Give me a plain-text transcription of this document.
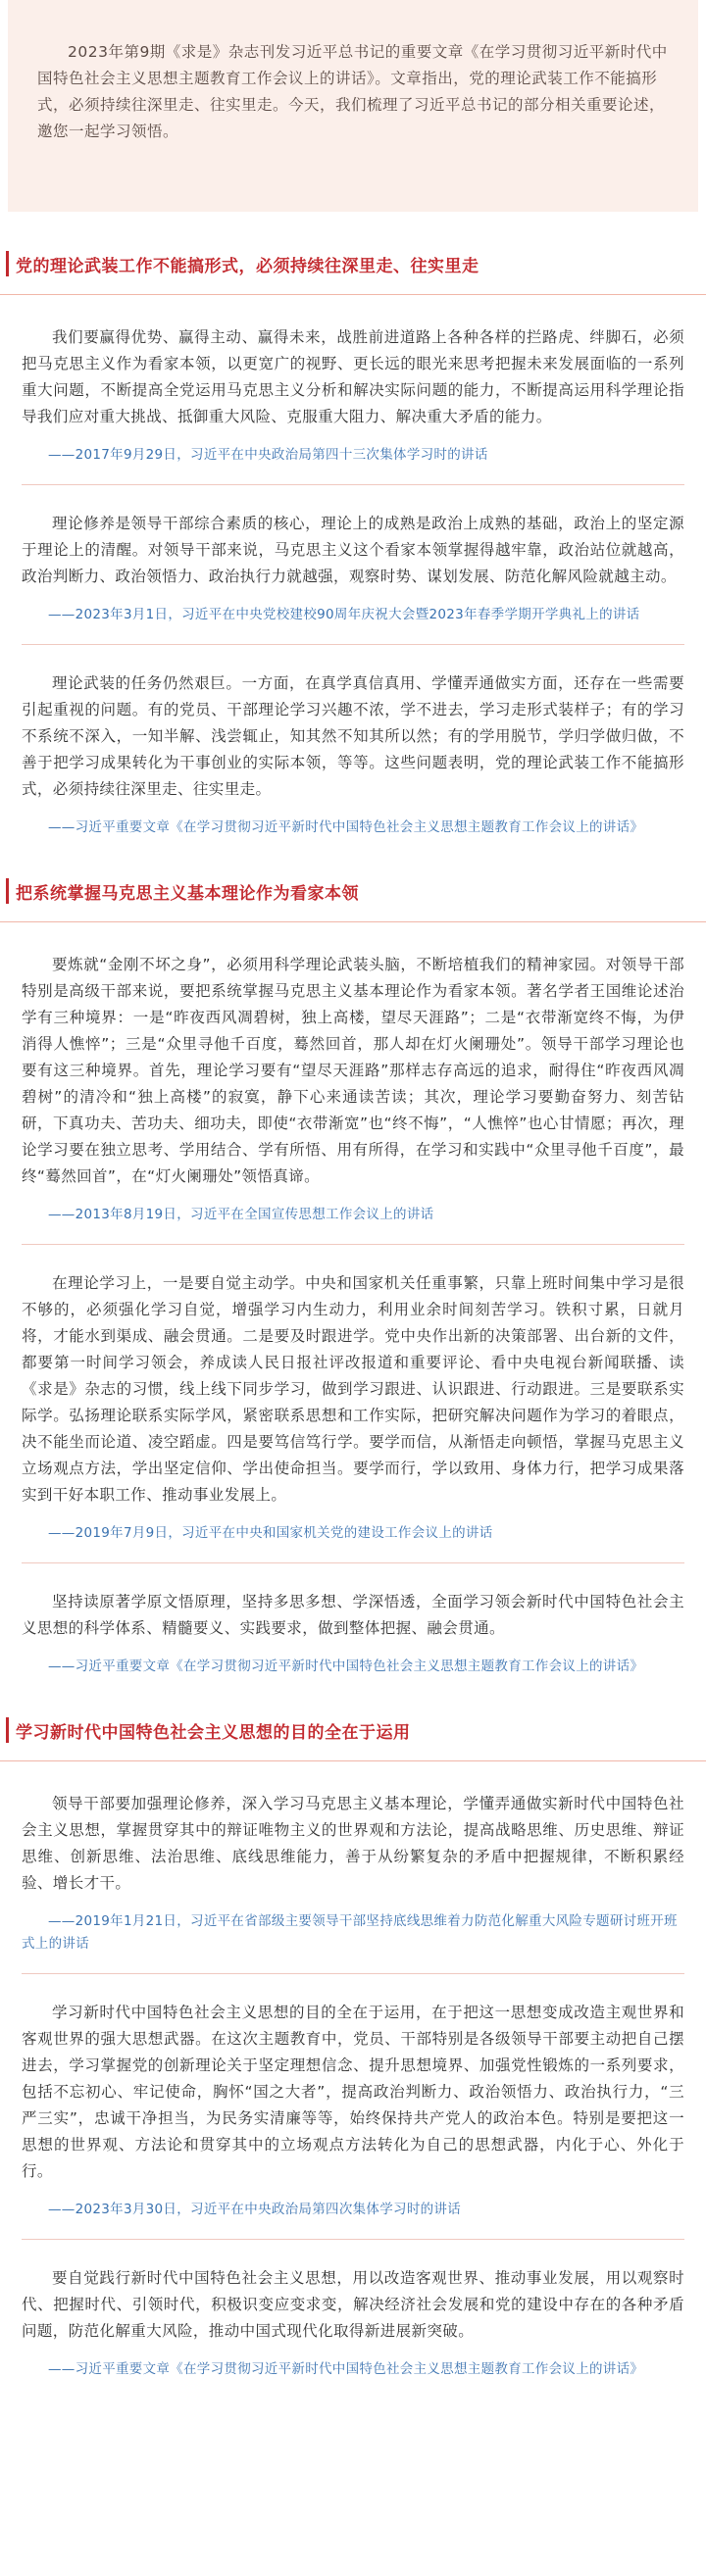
2023年第9期《求是》杂志刊发习近平总书记的重要文章《在学习贯彻习近平新时代中国特色社会主义思想主题教育工作会议上的讲话》。文章指出，党的理论武装工作不能搞形式，必须持续往深里走、往实里走。今天，我们梳理了习近平总书记的部分相关重要论述，邀您一起学习领悟。

党的理论武装工作不能搞形式，必须持续往深里走、往实里走

我们要赢得优势、赢得主动、赢得未来，战胜前进道路上各种各样的拦路虎、绊脚石，必须把马克思主义作为看家本领，以更宽广的视野、更长远的眼光来思考把握未来发展面临的一系列重大问题，不断提高全党运用马克思主义分析和解决实际问题的能力，不断提高运用科学理论指导我们应对重大挑战、抵御重大风险、克服重大阻力、解决重大矛盾的能力。

——2017年9月29日，习近平在中央政治局第四十三次集体学习时的讲话

理论修养是领导干部综合素质的核心，理论上的成熟是政治上成熟的基础，政治上的坚定源于理论上的清醒。对领导干部来说，马克思主义这个看家本领掌握得越牢靠，政治站位就越高，政治判断力、政治领悟力、政治执行力就越强，观察时势、谋划发展、防范化解风险就越主动。

——2023年3月1日，习近平在中央党校建校90周年庆祝大会暨2023年春季学期开学典礼上的讲话

理论武装的任务仍然艰巨。一方面，在真学真信真用、学懂弄通做实方面，还存在一些需要引起重视的问题。有的党员、干部理论学习兴趣不浓，学不进去，学习走形式装样子；有的学习不系统不深入，一知半解、浅尝辄止，知其然不知其所以然；有的学用脱节，学归学做归做，不善于把学习成果转化为干事创业的实际本领，等等。这些问题表明，党的理论武装工作不能搞形式，必须持续往深里走、往实里走。

——习近平重要文章《在学习贯彻习近平新时代中国特色社会主义思想主题教育工作会议上的讲话》

把系统掌握马克思主义基本理论作为看家本领

要炼就“金刚不坏之身”，必须用科学理论武装头脑，不断培植我们的精神家园。对领导干部特别是高级干部来说，要把系统掌握马克思主义基本理论作为看家本领。著名学者王国维论述治学有三种境界：一是“昨夜西风凋碧树，独上高楼，望尽天涯路”；二是“衣带渐宽终不悔，为伊消得人憔悴”；三是“众里寻他千百度，蓦然回首，那人却在灯火阑珊处”。领导干部学习理论也要有这三种境界。首先，理论学习要有“望尽天涯路”那样志存高远的追求，耐得住“昨夜西风凋碧树”的清冷和“独上高楼”的寂寞，静下心来通读苦读；其次，理论学习要勤奋努力、刻苦钻研，下真功夫、苦功夫、细功夫，即使“衣带渐宽”也“终不悔”，“人憔悴”也心甘情愿；再次，理论学习要在独立思考、学用结合、学有所悟、用有所得，在学习和实践中“众里寻他千百度”，最终“蓦然回首”，在“灯火阑珊处”领悟真谛。

——2013年8月19日，习近平在全国宣传思想工作会议上的讲话

在理论学习上，一是要自觉主动学。中央和国家机关任重事繁，只靠上班时间集中学习是很不够的，必须强化学习自觉，增强学习内生动力，利用业余时间刻苦学习。铁积寸累，日就月将，才能水到渠成、融会贯通。二是要及时跟进学。党中央作出新的决策部署、出台新的文件，都要第一时间学习领会，养成读人民日报社评改报道和重要评论、看中央电视台新闻联播、读《求是》杂志的习惯，线上线下同步学习，做到学习跟进、认识跟进、行动跟进。三是要联系实际学。弘扬理论联系实际学风，紧密联系思想和工作实际，把研究解决问题作为学习的着眼点，决不能坐而论道、凌空蹈虚。四是要笃信笃行学。要学而信，从渐悟走向顿悟，掌握马克思主义立场观点方法，学出坚定信仰、学出使命担当。要学而行，学以致用、身体力行，把学习成果落实到干好本职工作、推动事业发展上。

——2019年7月9日，习近平在中央和国家机关党的建设工作会议上的讲话

坚持读原著学原文悟原理，坚持多思多想、学深悟透，全面学习领会新时代中国特色社会主义思想的科学体系、精髓要义、实践要求，做到整体把握、融会贯通。

——习近平重要文章《在学习贯彻习近平新时代中国特色社会主义思想主题教育工作会议上的讲话》

学习新时代中国特色社会主义思想的目的全在于运用

领导干部要加强理论修养，深入学习马克思主义基本理论，学懂弄通做实新时代中国特色社会主义思想，掌握贯穿其中的辩证唯物主义的世界观和方法论，提高战略思维、历史思维、辩证思维、创新思维、法治思维、底线思维能力，善于从纷繁复杂的矛盾中把握规律，不断积累经验、增长才干。

——2019年1月21日，习近平在省部级主要领导干部坚持底线思维着力防范化解重大风险专题研讨班开班式上的讲话

学习新时代中国特色社会主义思想的目的全在于运用，在于把这一思想变成改造主观世界和客观世界的强大思想武器。在这次主题教育中，党员、干部特别是各级领导干部要主动把自己摆进去，学习掌握党的创新理论关于坚定理想信念、提升思想境界、加强党性锻炼的一系列要求，包括不忘初心、牢记使命，胸怀“国之大者”，提高政治判断力、政治领悟力、政治执行力，“三严三实”，忠诚干净担当，为民务实清廉等等，始终保持共产党人的政治本色。特别是要把这一思想的世界观、方法论和贯穿其中的立场观点方法转化为自己的思想武器，内化于心、外化于行。

——2023年3月30日，习近平在中央政治局第四次集体学习时的讲话

要自觉践行新时代中国特色社会主义思想，用以改造客观世界、推动事业发展，用以观察时代、把握时代、引领时代，积极识变应变求变，解决经济社会发展和党的建设中存在的各种矛盾问题，防范化解重大风险，推动中国式现代化取得新进展新突破。

——习近平重要文章《在学习贯彻习近平新时代中国特色社会主义思想主题教育工作会议上的讲话》
